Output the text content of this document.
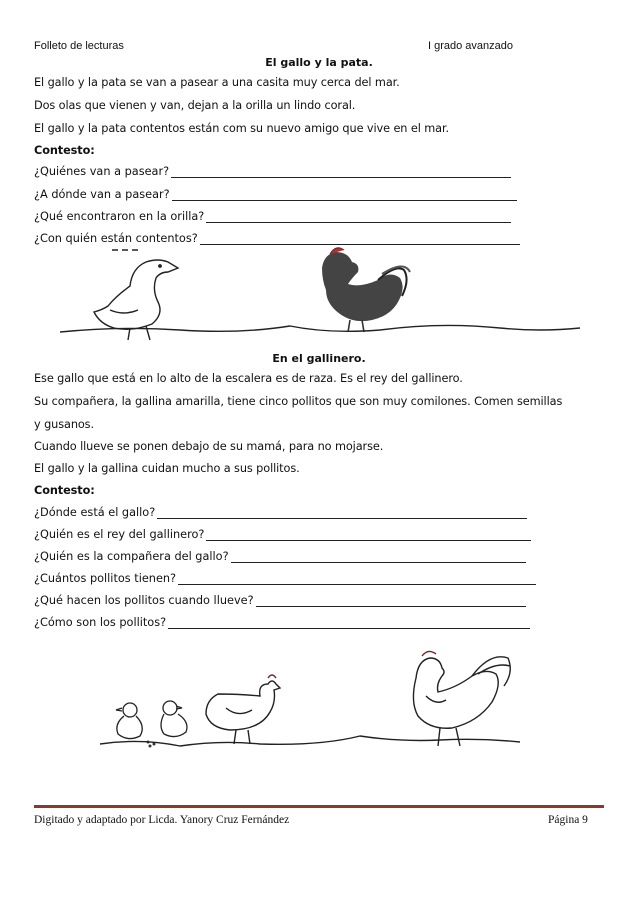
Folleto de lecturas	I grado avanzado
El gallo y la pata.
El gallo y la pata se van a pasear a una casita muy cerca del mar.
Dos olas que vienen y van, dejan a la orilla un lindo coral.
El gallo y la pata contentos están com su nuevo amigo que vive en el mar.
Contesto:
¿Quiénes van a pasear?
¿A dónde van a pasear?
¿Qué encontraron en la orilla?
¿Con quién están contentos?
En el gallinero.
Ese gallo que está en lo alto de la escalera es de raza. Es el rey del gallinero.
Su compañera, la gallina amarilla, tiene cinco pollitos que son muy comilones. Comen semillas
y gusanos.
Cuando llueve se ponen debajo de su mamá, para no mojarse.
El gallo y la gallina cuidan mucho a sus pollitos.
Contesto:
¿Dónde está el gallo?
¿Quién es el rey del gallinero?
¿Quién es la compañera del gallo?
¿Cuántos pollitos tienen?
¿Qué hacen los pollitos cuando llueve?
¿Cómo son los pollitos?
Digitado y adaptado por Licda. Yanory Cruz Fernández	Página 9
